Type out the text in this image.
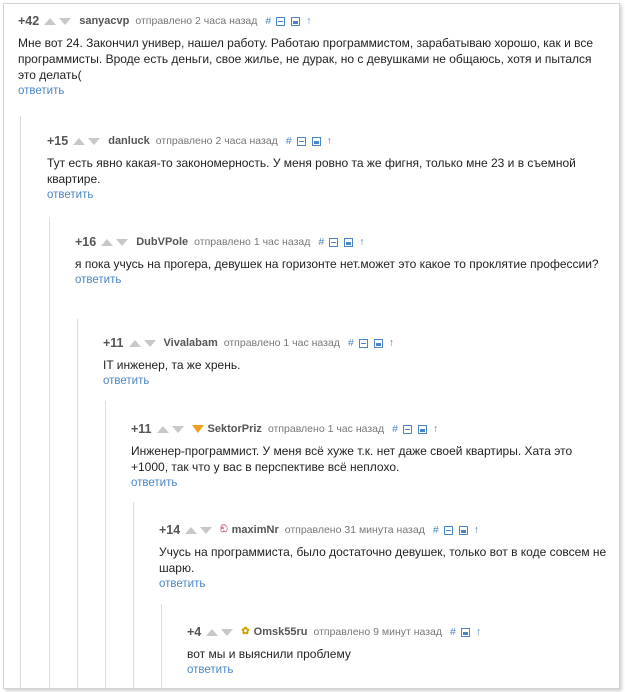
+42	sanyacvp отправлено 2 часа назад #	↑
Мне вот 24. Закончил универ, нашел работу. Работаю программистом, зарабатываю хорошо, как и все программисты. Вроде есть деньги, свое жилье, не дурак, но с девушками не общаюсь, хотя и пытался это делать(
ответить
+15	danluck отправлено 2 часа назад #	↑
Тут есть явно какая-то закономерность. У меня ровно та же фигня, только мне 23 и в съемной квартире.
ответить
+16	DubVPole отправлено 1 час назад #	↑
я пока учусь на прогера, девушек на горизонте нет.может это какое то проклятие профессии?
ответить
+11	Vivalabam отправлено 1 час назад #	↑
IT инженер, та же хрень.
ответить
+11	SektorPriz отправлено 1 час назад #	↑
Инженер-программист. У меня всё хуже т.к. нет даже своей квартиры. Хата это +1000, так что у вас в перспективе всё неплохо.
ответить
+14	ඞ maximNr отправлено 31 минута назад #	↑
Учусь на программиста, было достаточно девушек, только вот в коде совсем не шарю.
ответить
+4	✿ Omsk55ru отправлено 9 минут назад # ↑
вот мы и выяснили проблему
ответить
